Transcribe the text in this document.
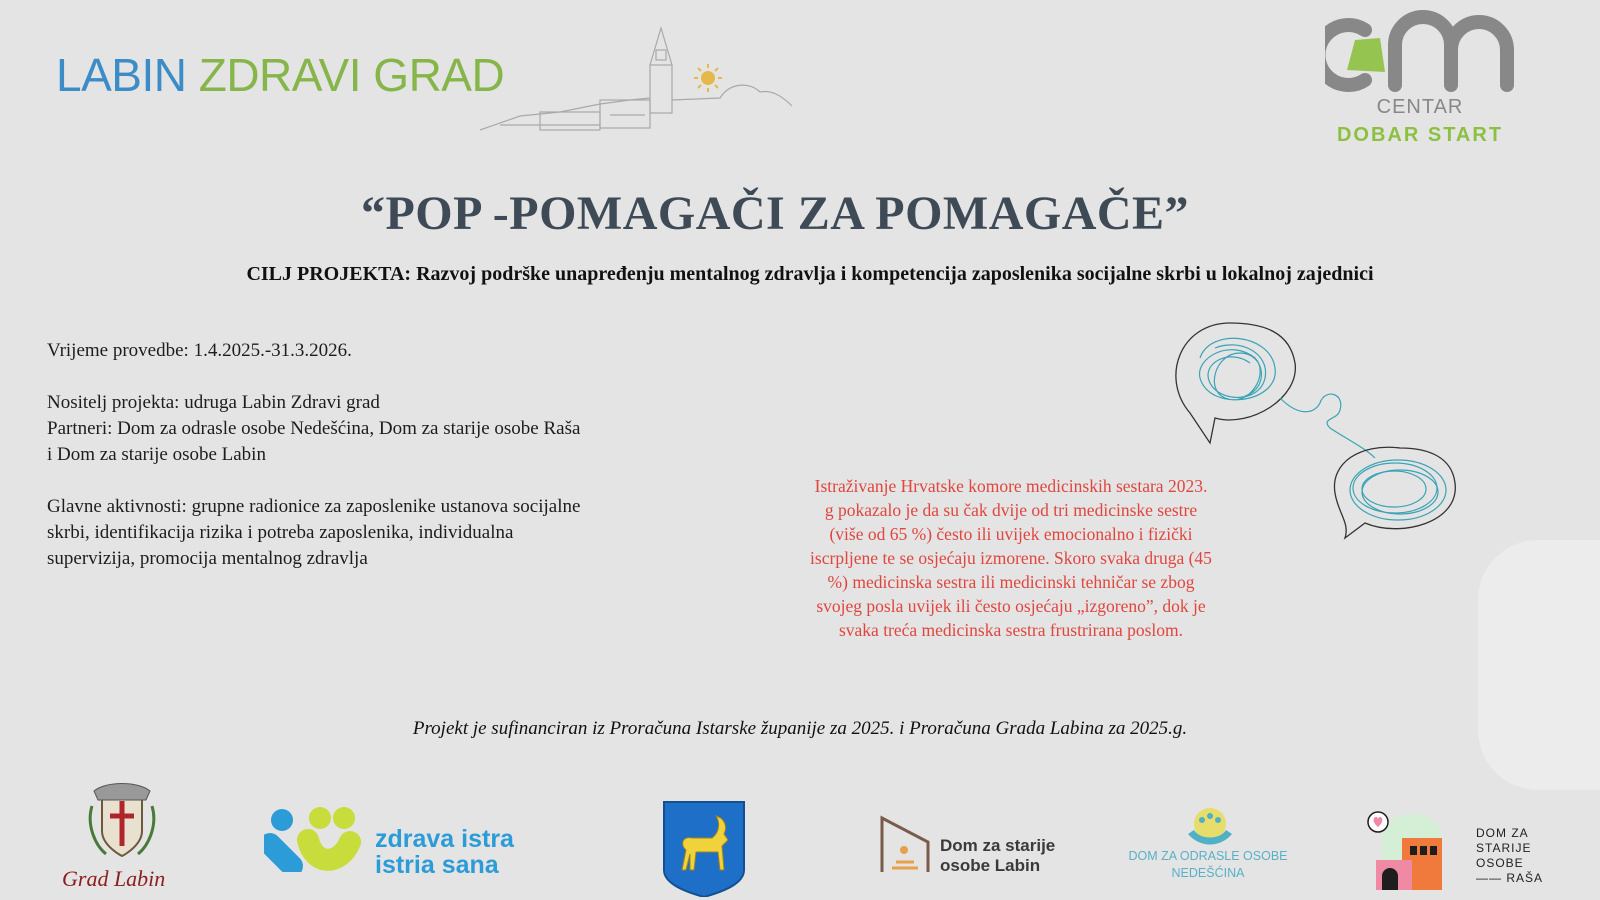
LABIN ZDRAVI GRAD
CENTAR
DOBAR START
“POP -POMAGAČI ZA POMAGAČE”
CILJ PROJEKTA: Razvoj podrške unapređenju mentalnog zdravlja i kompetencija zaposlenika socijalne skrbi u lokalnoj zajednici

Vrijeme provedbe: 1.4.2025.-31.3.2026.

Nositelj projekta: udruga Labin Zdravi grad
Partneri: Dom za odrasle osobe Nedešćina, Dom za starije osobe Raša
i Dom za starije osobe Labin

Glavne aktivnosti: grupne radionice za zaposlenike ustanova socijalne
skrbi, identifikacija rizika i potreba zaposlenika, individualna
supervizija, promocija mentalnog zdravlja

Istraživanje Hrvatske komore medicinskih sestara 2023.
g pokazalo je da su čak dvije od tri medicinske sestre
(više od 65 %) često ili uvijek emocionalno i fizički
iscrpljene te se osjećaju izmorene. Skoro svaka druga (45
%) medicinska sestra ili medicinski tehničar se zbog
svojeg posla uvijek ili često osjećaju „izgoreno”, dok je
svaka treća medicinska sestra frustrirana poslom.
Projekt je sufinanciran iz Proračuna Istarske županije za 2025. i Proračuna Grada Labina za 2025.g.
Grad Labin
zdrava istra
istria sana
Dom za starije
osobe Labin	DOM ZA ODRASLE OSOBE
NEDEŠĆINA
DOM ZA
STARIJE
OSOBE
—— RAŠA
